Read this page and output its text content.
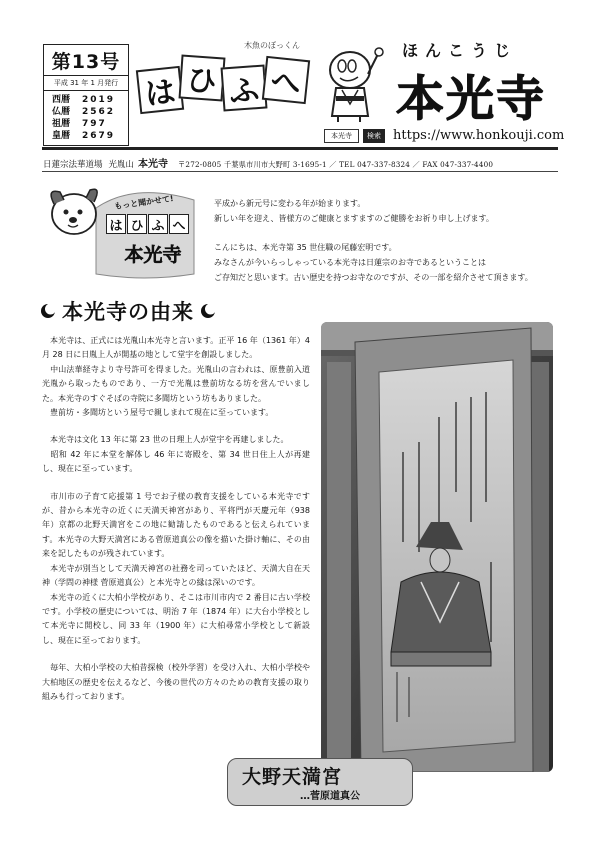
第13号
平成 31 年 1 月発行
西暦	2019
仏暦	2562
祖暦	797
皇暦	2679
木魚のぼっくん
は ひ ふ へ
ほんこうじ
本光寺
本光寺	検索 https://www.honkouji.com
日蓮宗法華道場 光胤山 本光寺 〒272-0805 千葉県市川市大野町 3-1695-1 ／ TEL 047-337-8324 ／ FAX 047-337-4400
もっと聞かせて!
は ひ ふ へ
本光寺

平成から新元号に変わる年が始まります。

新しい年を迎え、皆様方のご健康とますますのご健勝をお祈り申し上げます。

こんにちは、本光寺第 35 世住職の尾藤宏明です。

みなさんが今いらっしゃっている本光寺は日蓮宗のお寺であるということは

ご存知だと思います。古い歴史を持つお寺なのですが、その一部を紹介させて頂きます。

本光寺の由来

　本光寺は、正式には光胤山本光寺と言います。正平 16 年（1361 年）4 月 28 日に日胤上人が開基の地として堂宇を創設しました。

　中山法華経寺より寺号許可を得ました。光胤山の言われは、原豊前入道光胤から取ったものであり、一方で光胤は豊前坊なる坊を営んでいました。本光寺のすぐそばの寺院に多聞坊という坊もありました。

　豊前坊・多聞坊という屋号で親しまれて現在に至っています。

　本光寺は文化 13 年に第 23 世の日理上人が堂宇を再建しました。

　昭和 42 年に本堂を解体し 46 年に寄殿を、第 34 世日住上人が再建し、現在に至っています。

　市川市の子育て応援第 1 号でお子様の教育支援をしている本光寺ですが、昔から本光寺の近くに天満天神宮があり、平将門が天慶元年（938 年）京都の北野天満宮をこの地に勧請したものであると伝えられています。本光寺の大野天満宮にある菅原道真公の像を描いた掛け軸に、その由来を記したものが残されています。

　本光寺が別当として天満天神宮の社務を司っていたほど、天満大自在天神（学問の神様 菅原道真公）と本光寺との縁は深いのです。

　本光寺の近くに大柏小学校があり、そこは市川市内で 2 番目に古い学校です。小学校の歴史については、明治 7 年（1874 年）に大台小学校として本光寺に開校し、同 33 年（1900 年）に大柏尋常小学校として新設し、現在に至っております。

　毎年、大柏小学校の大柏昔探検（校外学習）を受け入れ、大柏小学校や大柏地区の歴史を伝えるなど、今後の世代の方々のための教育支援の取り組みも行っております。

大野天満宮
…菅原道真公
